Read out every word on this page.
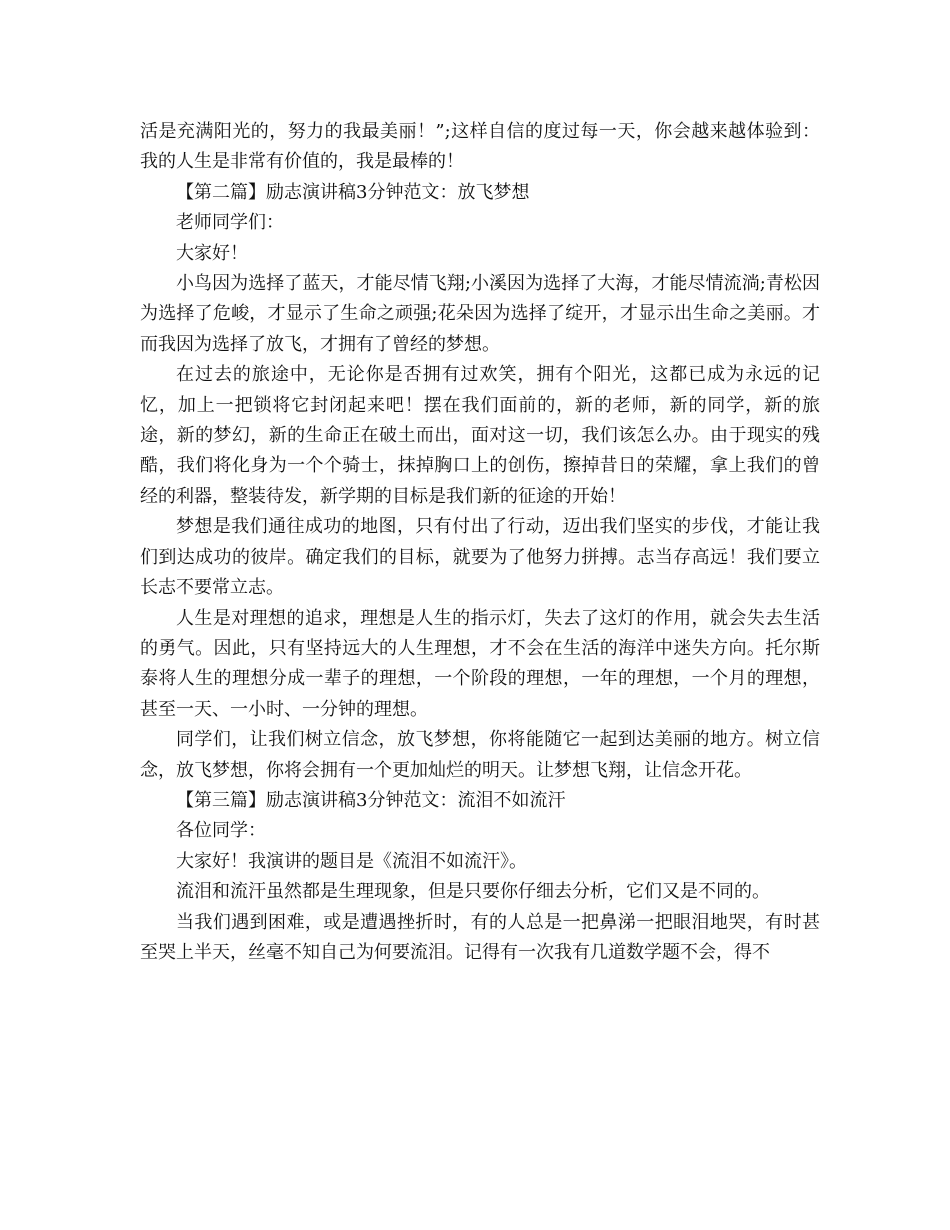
活是充满阳光的，努力的我最美丽！”;这样自信的度过每一天，你会越来越体验到：我的人生是非常有价值的，我是最棒的！

【第二篇】励志演讲稿3分钟范文：放飞梦想

老师同学们：

大家好！

小鸟因为选择了蓝天，才能尽情飞翔;小溪因为选择了大海，才能尽情流淌;青松因为选择了危峻，才显示了生命之顽强;花朵因为选择了绽开，才显示出生命之美丽。才而我因为选择了放飞，才拥有了曾经的梦想。

在过去的旅途中，无论你是否拥有过欢笑，拥有个阳光，这都已成为永远的记忆，加上一把锁将它封闭起来吧！摆在我们面前的，新的老师，新的同学，新的旅途，新的梦幻，新的生命正在破土而出，面对这一切，我们该怎么办。由于现实的残酷，我们将化身为一个个骑士，抹掉胸口上的创伤，擦掉昔日的荣耀，拿上我们的曾经的利器，整装待发，新学期的目标是我们新的征途的开始！

梦想是我们通往成功的地图，只有付出了行动，迈出我们坚实的步伐，才能让我们到达成功的彼岸。确定我们的目标，就要为了他努力拼搏。志当存高远！我们要立长志不要常立志。

人生是对理想的追求，理想是人生的指示灯，失去了这灯的作用，就会失去生活的勇气。因此，只有坚持远大的人生理想，才不会在生活的海洋中迷失方向。托尔斯泰将人生的理想分成一辈子的理想，一个阶段的理想，一年的理想，一个月的理想，甚至一天、一小时、一分钟的理想。

同学们，让我们树立信念，放飞梦想，你将能随它一起到达美丽的地方。树立信念，放飞梦想，你将会拥有一个更加灿烂的明天。让梦想飞翔，让信念开花。

【第三篇】励志演讲稿3分钟范文：流泪不如流汗

各位同学：

大家好！我演讲的题目是《流泪不如流汗》。

流泪和流汗虽然都是生理现象，但是只要你仔细去分析，它们又是不同的。

当我们遇到困难，或是遭遇挫折时，有的人总是一把鼻涕一把眼泪地哭，有时甚至哭上半天，丝毫不知自己为何要流泪。记得有一次我有几道数学题不会，得不
